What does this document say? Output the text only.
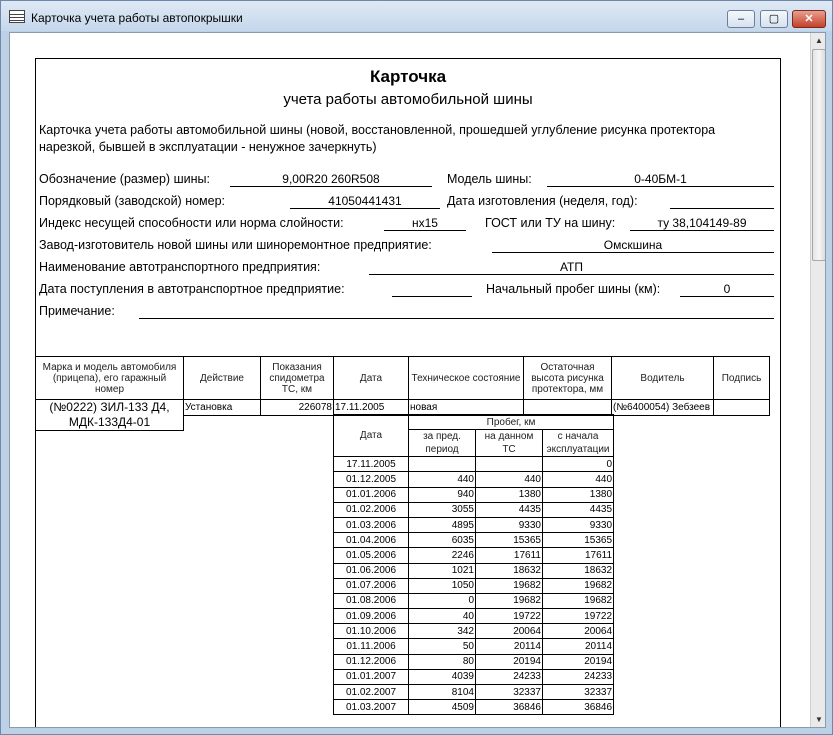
Карточка учета работы автопокрышки	‒	▢	✕
Карточка
учета работы автомобильной шины
Карточка учета работы автомобильной шины (новой, восстановленной, прошедшей углубление рисунка протектора нарезкой, бывшей в эксплуатации - ненужное зачеркнуть)
Обозначение (размер) шины:	9,00R20 260R508	Модель шины:	0-40БМ-1
Порядковый (заводской) номер:	41050441431	Дата изготовления (неделя, год):
Индекс несущей способности или норма слойности:	нх15	ГОСТ или ТУ на шину:	ту 38,104149-89
Завод-изготовитель новой шины или шиноремонтное предприятие:	Омскшина
Наименование автотранспортного предприятия:	АТП
Дата поступления в автотранспортное предприятие:	Начальный пробег шины (км):	0
Примечание:
Марка и модель автомобиля (прицепа), его гаражный номер	Действие	Показания спидометра ТС, км	Дата	Техническое состояние	Остаточная высота рисунка протектора, мм	Водитель	Подпись
(№0222) ЗИЛ-133 Д4, МДК-133Д4-01	Установка	226078	17.11.2005	новая		(№6400054) Зебзеев	

Дата	Пробег, км		
	за пред. период	на данном ТС	с начала эксплуатации
17.11.2005			0
01.12.2005	440	440	440
01.01.2006	940	1380	1380
01.02.2006	3055	4435	4435
01.03.2006	4895	9330	9330
01.04.2006	6035	15365	15365
01.05.2006	2246	17611	17611
01.06.2006	1021	18632	18632
01.07.2006	1050	19682	19682
01.08.2006	0	19682	19682
01.09.2006	40	19722	19722
01.10.2006	342	20064	20064
01.11.2006	50	20114	20114
01.12.2006	80	20194	20194
01.01.2007	4039	24233	24233
01.02.2007	8104	32337	32337
01.03.2007	4509	36846	36846
▲
▼
